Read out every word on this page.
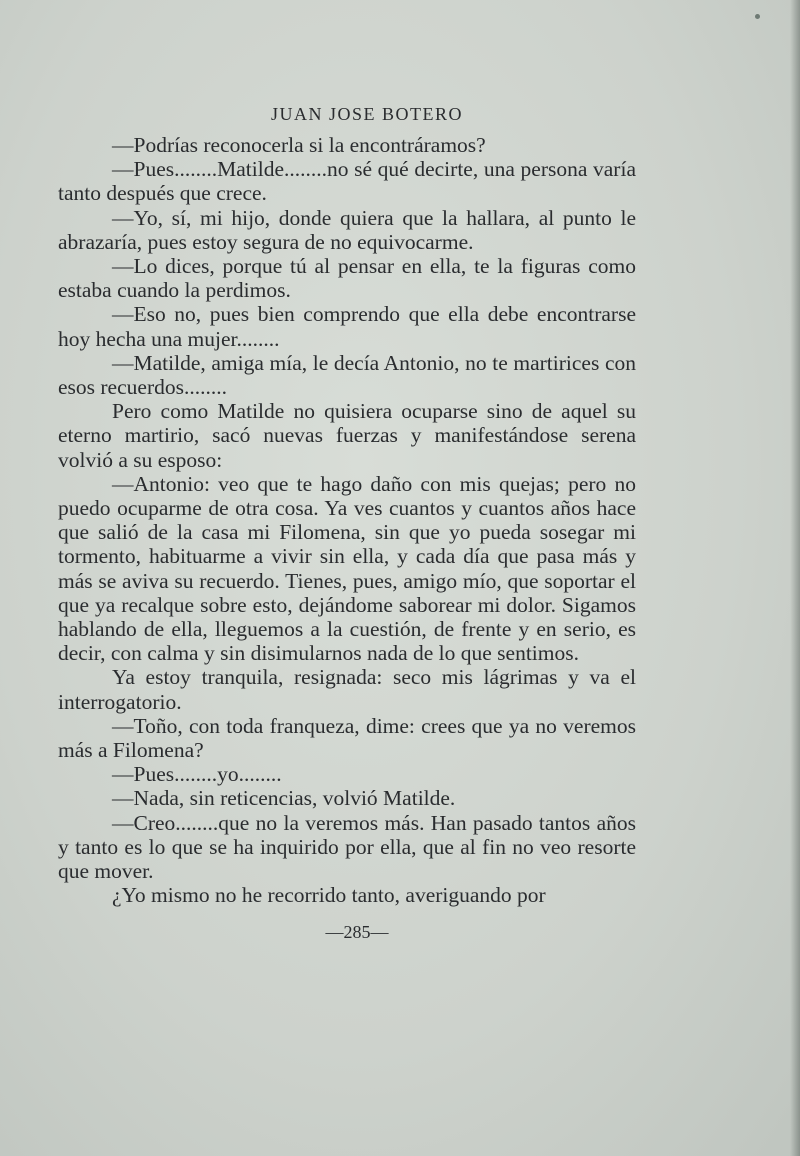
JUAN JOSE BOTERO

—Podrías reconocerla si la encontráramos?

—Pues........Matilde........no sé qué decirte, una persona varía tanto después que crece.

—Yo, sí, mi hijo, donde quiera que la hallara, al punto le abrazaría, pues estoy segura de no equivocarme.

—Lo dices, porque tú al pensar en ella, te la figuras como estaba cuando la perdimos.

—Eso no, pues bien comprendo que ella debe encontrarse hoy hecha una mujer........

—Matilde, amiga mía, le decía Antonio, no te martirices con esos recuerdos........

Pero como Matilde no quisiera ocuparse sino de aquel su eterno martirio, sacó nuevas fuerzas y manifestándose serena volvió a su esposo:

—Antonio: veo que te hago daño con mis quejas; pero no puedo ocuparme de otra cosa. Ya ves cuantos y cuantos años hace que salió de la casa mi Filomena, sin que yo pueda sosegar mi tormento, habituarme a vivir sin ella, y cada día que pasa más y más se aviva su recuerdo. Tienes, pues, amigo mío, que soportar el que ya recalque sobre esto, dejándome saborear mi dolor. Sigamos hablando de ella, lleguemos a la cuestión, de frente y en serio, es decir, con calma y sin disimularnos nada de lo que sentimos.

Ya estoy tranquila, resignada: seco mis lágrimas y va el interrogatorio.

—Toño, con toda franqueza, dime: crees que ya no veremos más a Filomena?

—Pues........yo........

—Nada, sin reticencias, volvió Matilde.

—Creo........que no la veremos más. Han pasado tantos años y tanto es lo que se ha inquirido por ella, que al fin no veo resorte que mover.

¿Yo mismo no he recorrido tanto, averiguando por

—285—
